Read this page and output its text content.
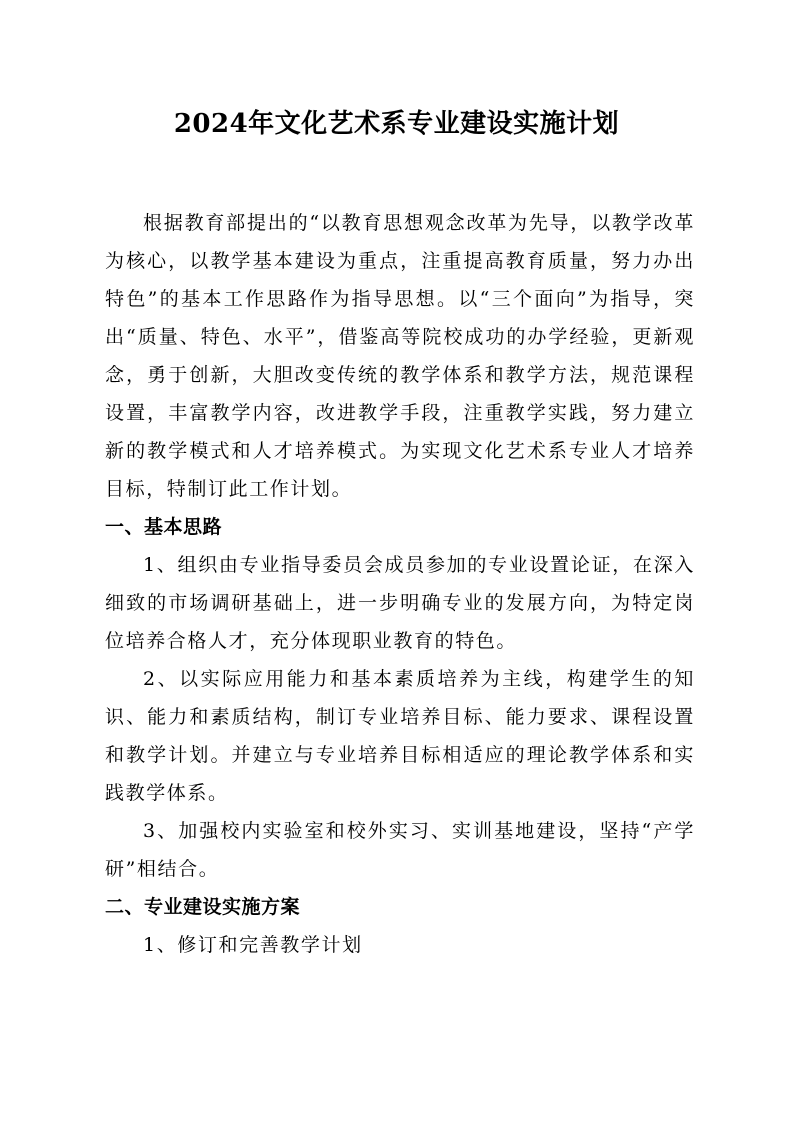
2024年文化艺术系专业建设实施计划

根据教育部提出的“以教育思想观念改革为先导，以教学改革为核心，以教学基本建设为重点，注重提高教育质量，努力办出特色”的基本工作思路作为指导思想。以“三个面向”为指导，突出“质量、特色、水平”，借鉴高等院校成功的办学经验，更新观念，勇于创新，大胆改变传统的教学体系和教学方法，规范课程设置，丰富教学内容，改进教学手段，注重教学实践，努力建立新的教学模式和人才培养模式。为实现文化艺术系专业人才培养目标，特制订此工作计划。

一、基本思路

1、组织由专业指导委员会成员参加的专业设置论证，在深入细致的市场调研基础上，进一步明确专业的发展方向，为特定岗位培养合格人才，充分体现职业教育的特色。

2、以实际应用能力和基本素质培养为主线，构建学生的知识、能力和素质结构，制订专业培养目标、能力要求、课程设置和教学计划。并建立与专业培养目标相适应的理论教学体系和实践教学体系。

3、加强校内实验室和校外实习、实训基地建设，坚持“产学研”相结合。

二、专业建设实施方案

1、修订和完善教学计划
